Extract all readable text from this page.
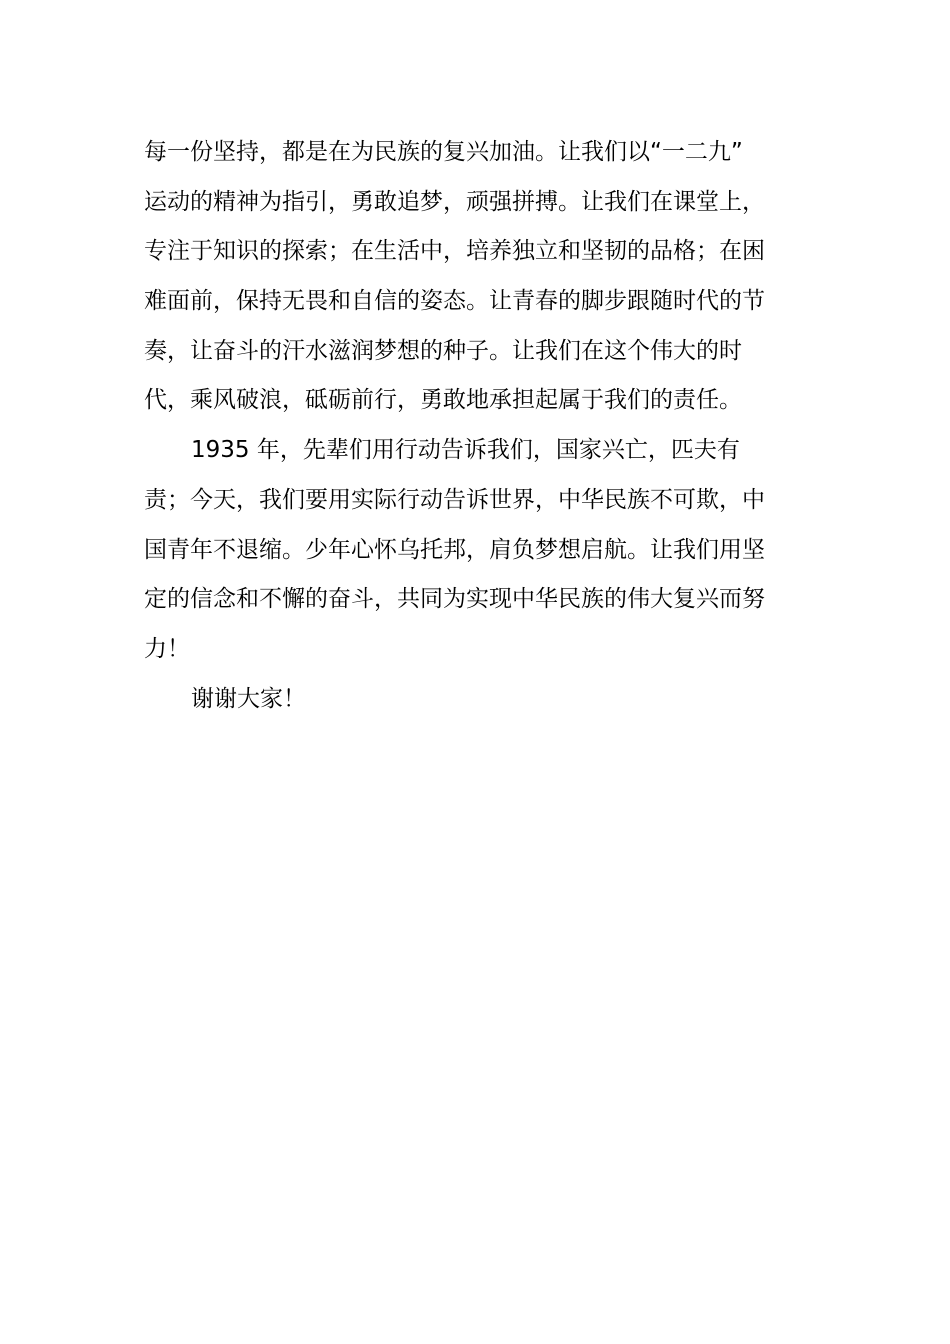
每一份坚持，都是在为民族的复兴加油。让我们以“一二九”
运动的精神为指引，勇敢追梦，顽强拼搏。让我们在课堂上，
专注于知识的探索；在生活中，培养独立和坚韧的品格；在困
难面前，保持无畏和自信的姿态。让青春的脚步跟随时代的节
奏，让奋斗的汗水滋润梦想的种子。让我们在这个伟大的时
代，乘风破浪，砥砺前行，勇敢地承担起属于我们的责任。
1935 年，先辈们用行动告诉我们，国家兴亡，匹夫有
责；今天，我们要用实际行动告诉世界，中华民族不可欺，中
国青年不退缩。少年心怀乌托邦，肩负梦想启航。让我们用坚
定的信念和不懈的奋斗，共同为实现中华民族的伟大复兴而努
力！
谢谢大家！
